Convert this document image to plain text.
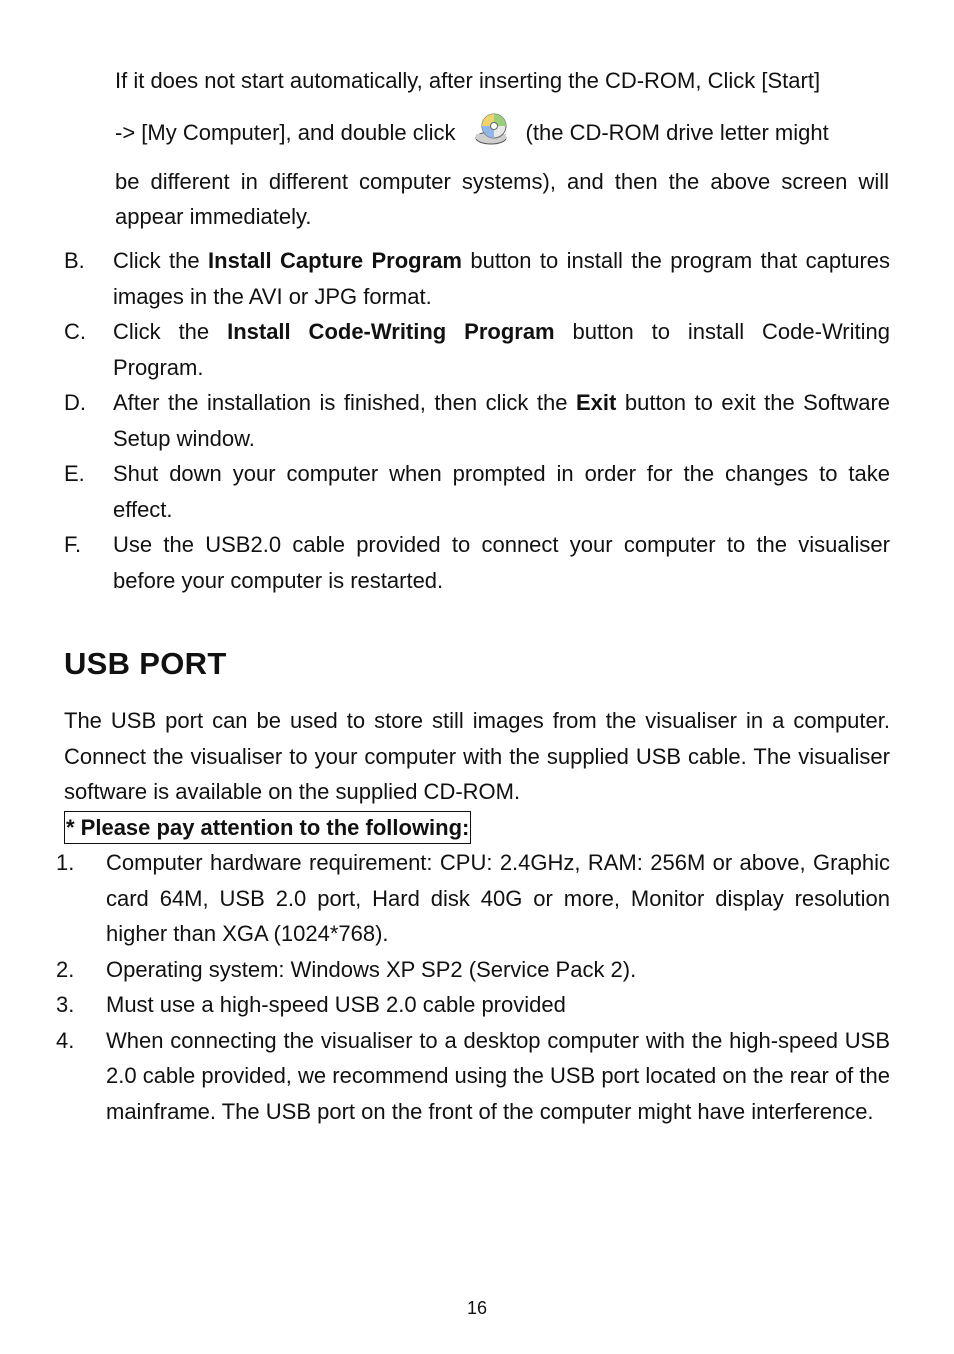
If it does not start automatically, after inserting the CD-ROM, Click [Start]

-> [My Computer], and double click	(the CD-ROM drive letter might

be different in different computer systems), and then the above screen will appear immediately.

B. Click the Install Capture Program button to install the program that captures images in the AVI or JPG format.
C. Click the Install Code-Writing Program button to install Code-Writing Program.
D. After the installation is finished, then click the Exit button to exit the Software Setup window.
E. Shut down your computer when prompted in order for the changes to take effect.
F. Use the USB2.0 cable provided to connect your computer to the visualiser before your computer is restarted.
USB PORT

The USB port can be used to store still images from the visualiser in a computer. Connect the visualiser to your computer with the supplied USB cable. The visualiser software is available on the supplied CD-ROM.

* Please pay attention to the following:
1. Computer hardware requirement: CPU: 2.4GHz, RAM: 256M or above, Graphic card 64M, USB 2.0 port, Hard disk 40G or more, Monitor display resolution higher than XGA (1024*768).
2. Operating system: Windows XP SP2 (Service Pack 2).
3. Must use a high-speed USB 2.0 cable provided
4. When connecting the visualiser to a desktop computer with the high-speed USB 2.0 cable provided, we recommend using the USB port located on the rear of the mainframe. The USB port on the front of the computer might have interference.
16
